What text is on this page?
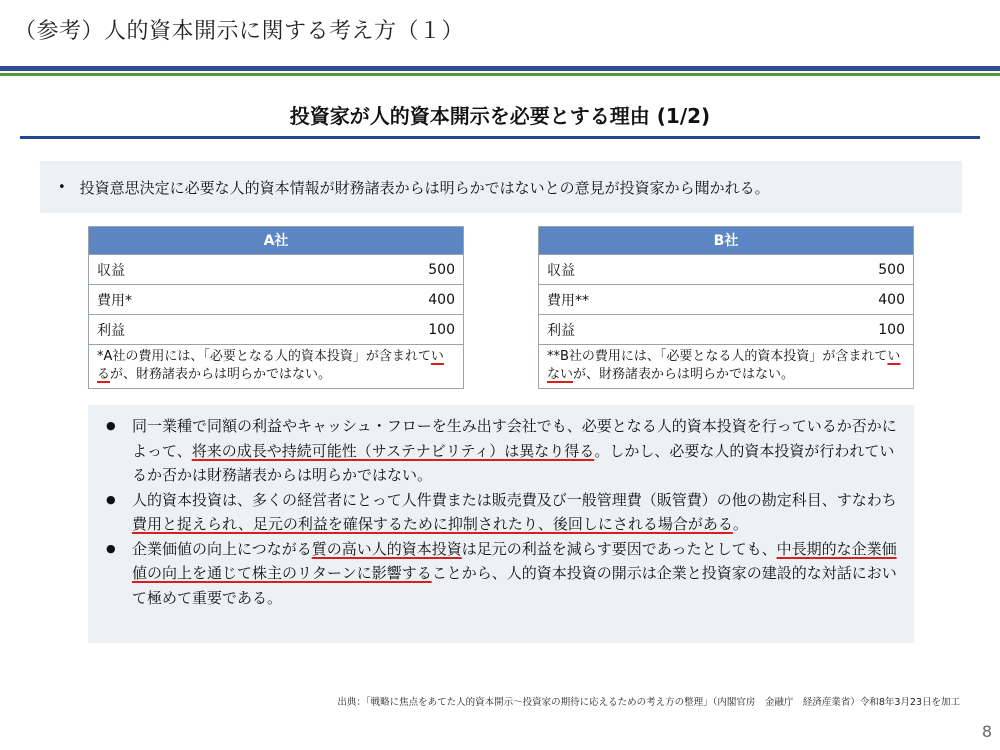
（参考）人的資本開示に関する考え方（１）
投資家が人的資本開示を必要とする理由 (1/2)
• 投資意思決定に必要な人的資本情報が財務諸表からは明らかではないとの意見が投資家から聞かれる。
A社
収益	500
費用*	400
利益	100
*A社の費用には、「必要となる人的資本投資」が含まれているが、財務諸表からは明らかではない。
B社
収益	500
費用**	400
利益	100
**B社の費用には、「必要となる人的資本投資」が含まれていないが、財務諸表からは明らかではない。
●	同一業種で同額の利益やキャッシュ・フローを生み出す会社でも、必要となる人的資本投資を行っているか否かによって、将来の成長や持続可能性（サステナビリティ）は異なり得る。しかし、必要な人的資本投資が行われているか否かは財務諸表からは明らかではない。
●	人的資本投資は、多くの経営者にとって人件費または販売費及び一般管理費（販管費）の他の勘定科目、すなわち費用と捉えられ、足元の利益を確保するために抑制されたり、後回しにされる場合がある。
●	企業価値の向上につながる質の高い人的資本投資は足元の利益を減らす要因であったとしても、中長期的な企業価値の向上を通じて株主のリターンに影響することから、人的資本投資の開示は企業と投資家の建設的な対話において極めて重要である。
出典：「戦略に焦点をあてた人的資本開示～投資家の期待に応えるための考え方の整理」（内閣官房　金融庁　経済産業省）令和8年3月23日を加工
8
